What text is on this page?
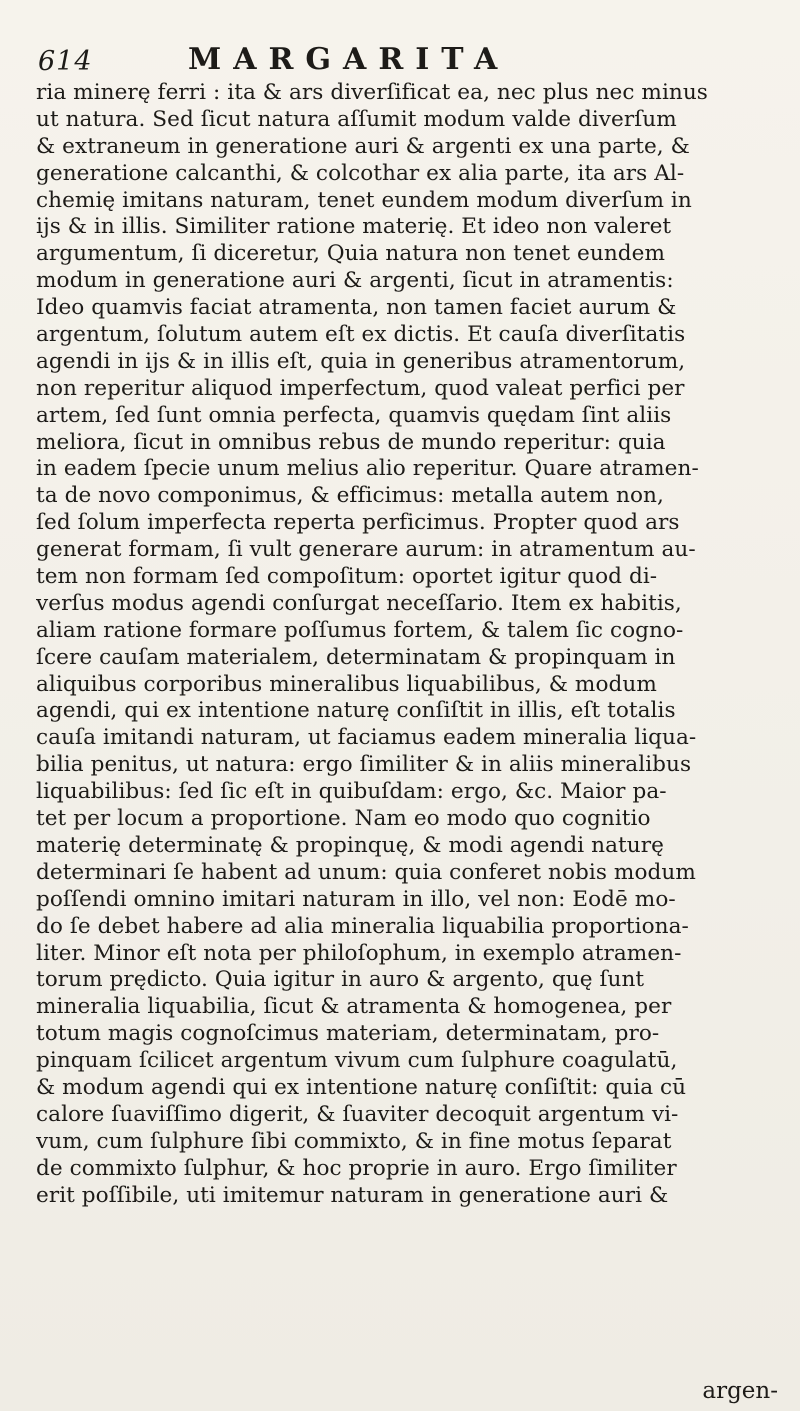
614	MARGARITA
ria minerę ferri : ita & ars diverſificat ea, nec plus nec minus
ut natura. Sed ſicut natura aſſumit modum valde diverſum
& extraneum in generatione auri & argenti ex una parte, &
generatione calcanthi, & colcothar ex alia parte, ita ars Al-
chemię imitans naturam, tenet eundem modum diverſum in
ijs & in illis. Similiter ratione materię. Et ideo non valeret
argumentum, ſi diceretur, Quia natura non tenet eundem
modum in generatione auri & argenti, ſicut in atramentis:
Ideo quamvis faciat atramenta, non tamen faciet aurum &
argentum, ſolutum autem eſt ex dictis. Et cauſa diverſitatis
agendi in ijs & in illis eſt, quia in generibus atramentorum,
non reperitur aliquod imperfectum, quod valeat perfici per
artem, ſed ſunt omnia perfecta, quamvis quędam ſint aliis
meliora, ſicut in omnibus rebus de mundo reperitur: quia
in eadem ſpecie unum melius alio reperitur. Quare atramen-
ta de novo componimus, & efficimus: metalla autem non,
ſed ſolum imperfecta reperta perficimus. Propter quod ars
generat formam, ſi vult generare aurum: in atramentum au-
tem non formam ſed compoſitum: oportet igitur quod di-
verſus modus agendi conſurgat neceſſario. Item ex habitis,
aliam ratione formare poſſumus fortem, & talem ſic cogno-
ſcere cauſam materialem, determinatam & propinquam in
aliquibus corporibus mineralibus liquabilibus, & modum
agendi, qui ex intentione naturę conſiſtit in illis, eſt totalis
cauſa imitandi naturam, ut faciamus eadem mineralia liqua-
bilia penitus, ut natura: ergo ſimiliter & in aliis mineralibus
liquabilibus: ſed ſic eſt in quibuſdam: ergo, &c. Maior pa-
tet per locum a proportione. Nam eo modo quo cognitio
materię determinatę & propinquę, & modi agendi naturę
determinari ſe habent ad unum: quia conferet nobis modum
poſſendi omnino imitari naturam in illo, vel non: Eodē mo-
do ſe debet habere ad alia mineralia liquabilia proportiona-
liter. Minor eſt nota per philoſophum, in exemplo atramen-
torum prędicto. Quia igitur in auro & argento, quę ſunt
mineralia liquabilia, ſicut & atramenta & homogenea, per
totum magis cognoſcimus materiam, determinatam, pro-
pinquam ſcilicet argentum vivum cum ſulphure coagulatū,
& modum agendi qui ex intentione naturę conſiſtit: quia cū
calore ſuaviſſimo digerit, & ſuaviter decoquit argentum vi-
vum, cum ſulphure ſibi commixto, & in fine motus ſeparat
de commixto ſulphur, & hoc proprie in auro. Ergo ſimiliter
erit poſſibile, uti imitemur naturam in generatione auri &
argen-
